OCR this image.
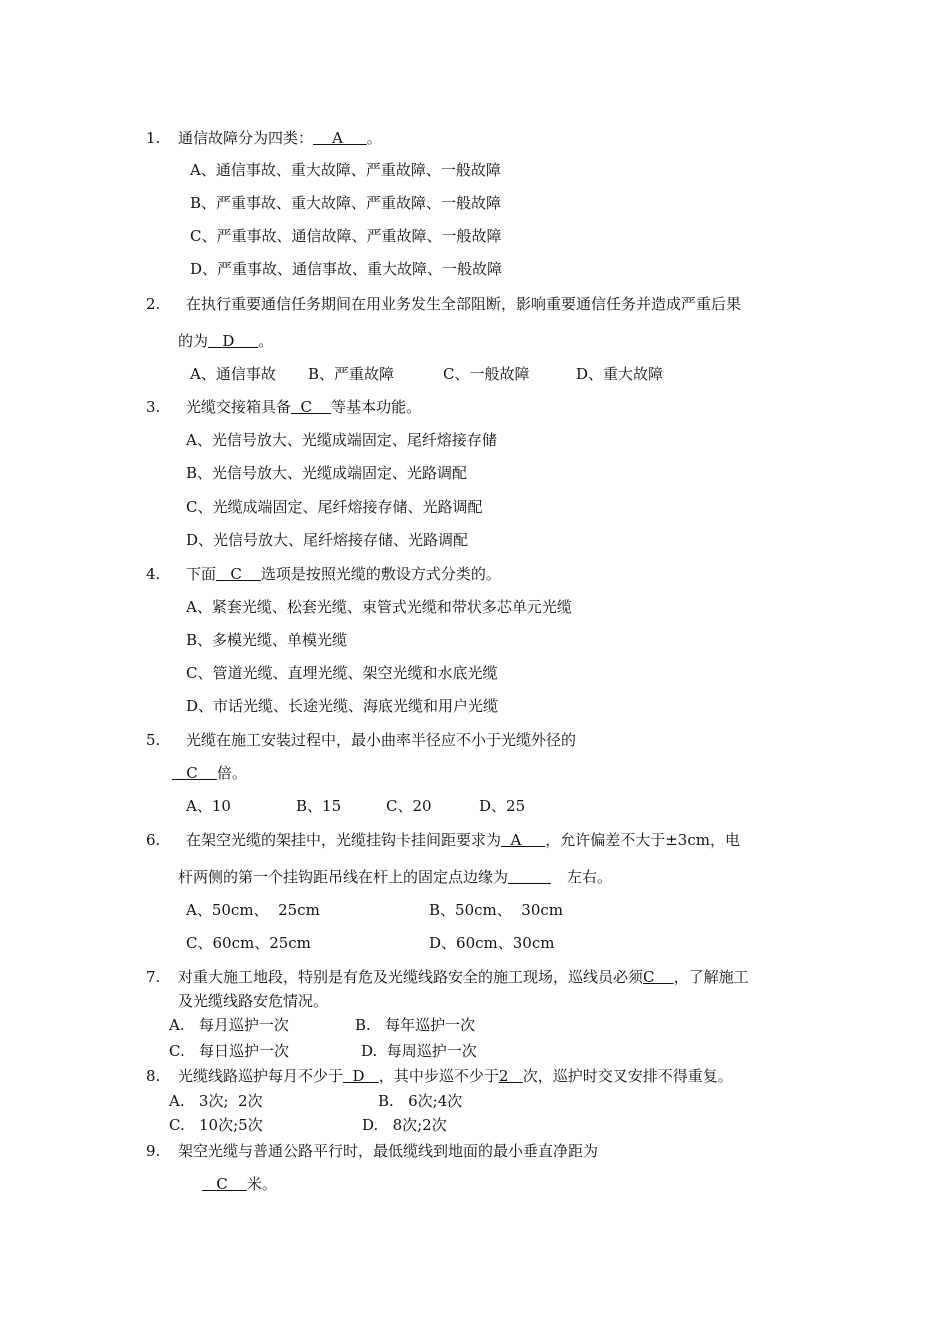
1. 通信故障分为四类：    A     。
A、通信事故、重大故障、严重故障、一般故障
B、严重事故、重大故障、严重故障、一般故障
C、严重事故、通信故障、严重故障、一般故障
D、严重事故、通信事故、重大故障、一般故障
2. 在执行重要通信任务期间在用业务发生全部阻断，影响重要通信任务并造成严重后果
的为   D     。
A、通信事故 B、严重故障	C、一般故障	D、重大故障
3. 光缆交接箱具备  C    等基本功能。
A、光信号放大、光缆成端固定、尾纤熔接存储
B、光信号放大、光缆成端固定、光路调配
C、光缆成端固定、尾纤熔接存储、光路调配
D、光信号放大、尾纤熔接存储、光路调配
4. 下面   C    选项是按照光缆的敷设方式分类的。
A、紧套光缆、松套光缆、束管式光缆和带状多芯单元光缆
B、多模光缆、单模光缆
C、管道光缆、直埋光缆、架空光缆和水底光缆
D、市话光缆、长途光缆、海底光缆和用户光缆
5. 光缆在施工安装过程中，最小曲率半径应不小于光缆外径的
C    倍。
A、10	B、15	C、20	D、25
6. 在架空光缆的架挂中，光缆挂钩卡挂间距要求为  A     ，允许偏差不大于±3cm，电
杆两侧的第一个挂钩距吊线在杆上的固定点边缘为	左右。
A、50cm、  25cm	B、50cm、  30cm
C、60cm、25cm	D、60cm、30cm
7. 对重大施工地段，特别是有危及光缆线路安全的施工现场，巡线员必须C    ，了解施工
及光缆线路安危情况。
A.   每月巡护一次	B.   每年巡护一次
C.   每日巡护一次	D.  每周巡护一次
8. 光缆线路巡护每月不少于  D   ，其中步巡不少于2   次，巡护时交叉安排不得重复。
A.   3次;  2次	B.   6次;4次
C.   10次;5次	D.   8次;2次
9. 架空光缆与普通公路平行时，最低缆线到地面的最小垂直净距为
C    米。
